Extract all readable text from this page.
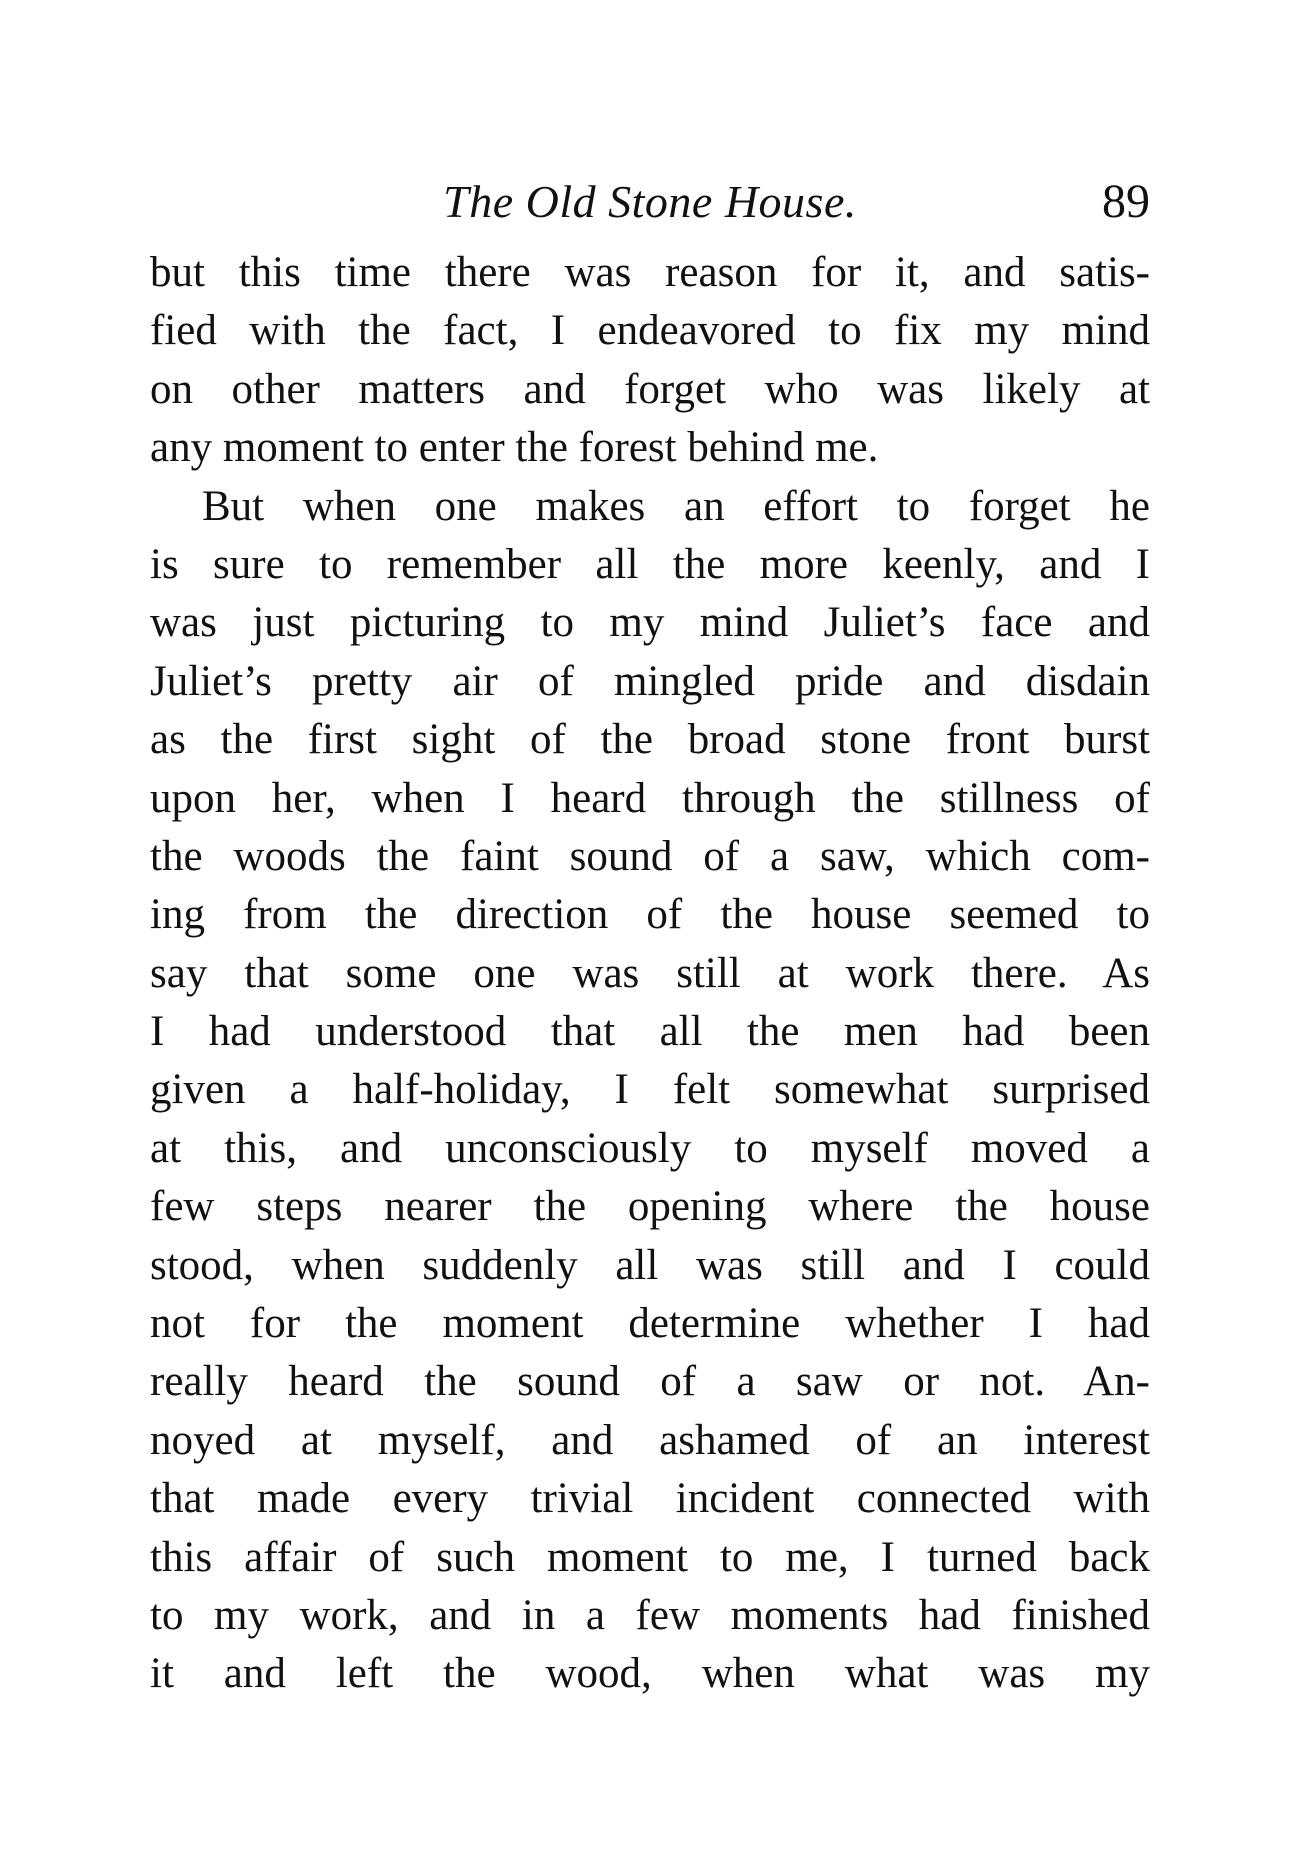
The Old Stone House.	89
but this time there was reason for it, and satis-
fied with the fact, I endeavored to fix my mind
on other matters and forget who was likely at
any moment to enter the forest behind me.
But when one makes an effort to forget he
is sure to remember all the more keenly, and I
was just picturing to my mind Juliet’s face and
Juliet’s pretty air of mingled pride and disdain
as the first sight of the broad stone front burst
upon her, when I heard through the stillness of
the woods the faint sound of a saw, which com-
ing from the direction of the house seemed to
say that some one was still at work there. As
I had understood that all the men had been
given a half-holiday, I felt somewhat surprised
at this, and unconsciously to myself moved a
few steps nearer the opening where the house
stood, when suddenly all was still and I could
not for the moment determine whether I had
really heard the sound of a saw or not. An-
noyed at myself, and ashamed of an interest
that made every trivial incident connected with
this affair of such moment to me, I turned back
to my work, and in a few moments had finished
it and left the wood, when what was my
